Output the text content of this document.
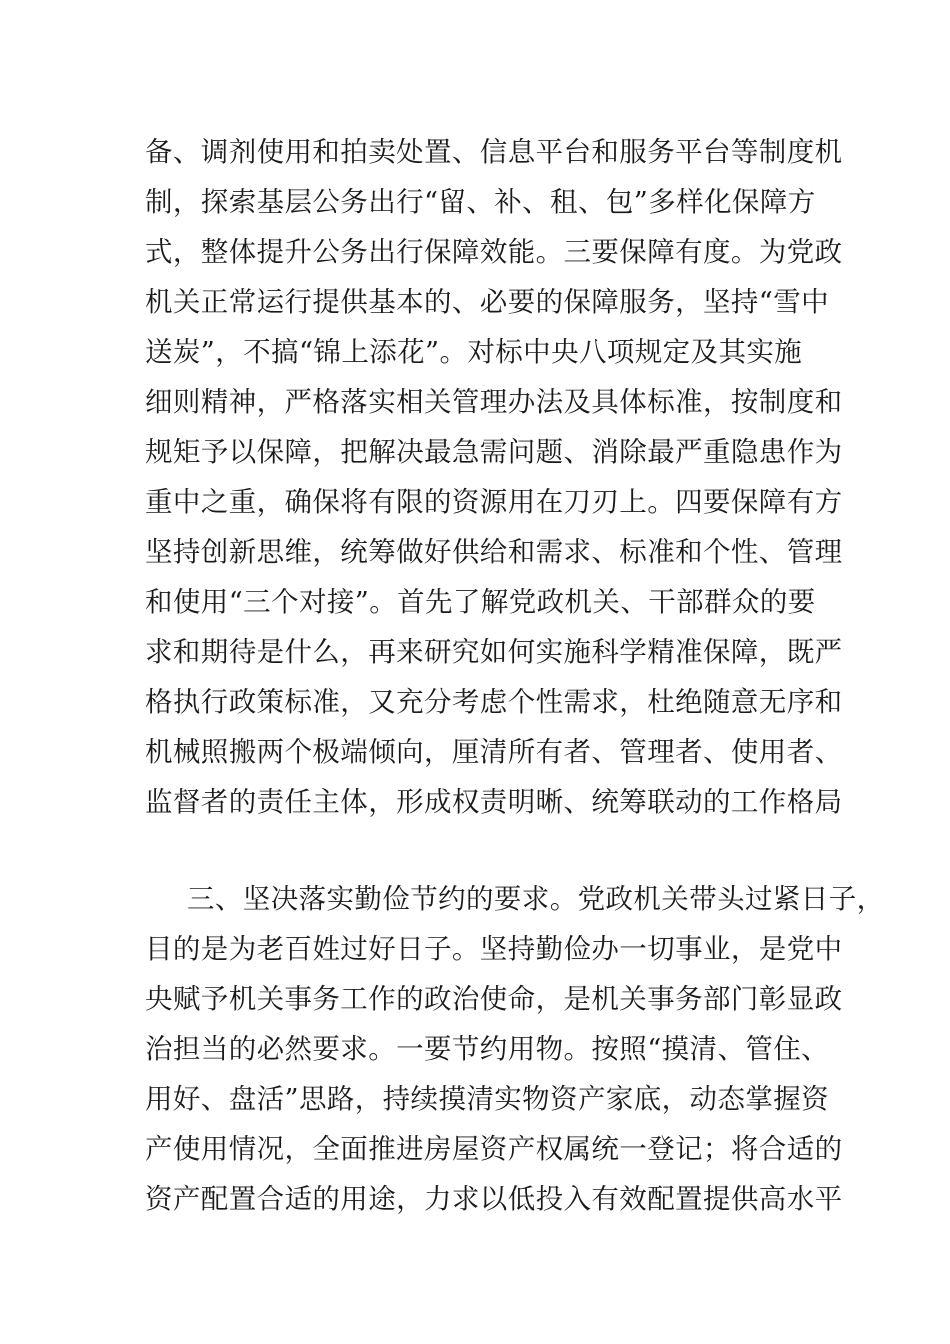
备、调剂使用和拍卖处置、信息平台和服务平台等制度机
制，探索基层公务出行“留、补、租、包”多样化保障方
式，整体提升公务出行保障效能。三要保障有度。为党政
机关正常运行提供基本的、必要的保障服务，坚持“雪中
送炭”，不搞“锦上添花”。对标中央八项规定及其实施
细则精神，严格落实相关管理办法及具体标准，按制度和
规矩予以保障，把解决最急需问题、消除最严重隐患作为
重中之重，确保将有限的资源用在刀刃上。四要保障有方
坚持创新思维，统筹做好供给和需求、标准和个性、管理
和使用“三个对接”。首先了解党政机关、干部群众的要
求和期待是什么，再来研究如何实施科学精准保障，既严
格执行政策标准，又充分考虑个性需求，杜绝随意无序和
机械照搬两个极端倾向，厘清所有者、管理者、使用者、
监督者的责任主体，形成权责明晰、统筹联动的工作格局
三、坚决落实勤俭节约的要求。党政机关带头过紧日子，
目的是为老百姓过好日子。坚持勤俭办一切事业，是党中
央赋予机关事务工作的政治使命，是机关事务部门彰显政
治担当的必然要求。一要节约用物。按照“摸清、管住、
用好、盘活”思路，持续摸清实物资产家底，动态掌握资
产使用情况，全面推进房屋资产权属统一登记；将合适的
资产配置合适的用途，力求以低投入有效配置提供高水平
